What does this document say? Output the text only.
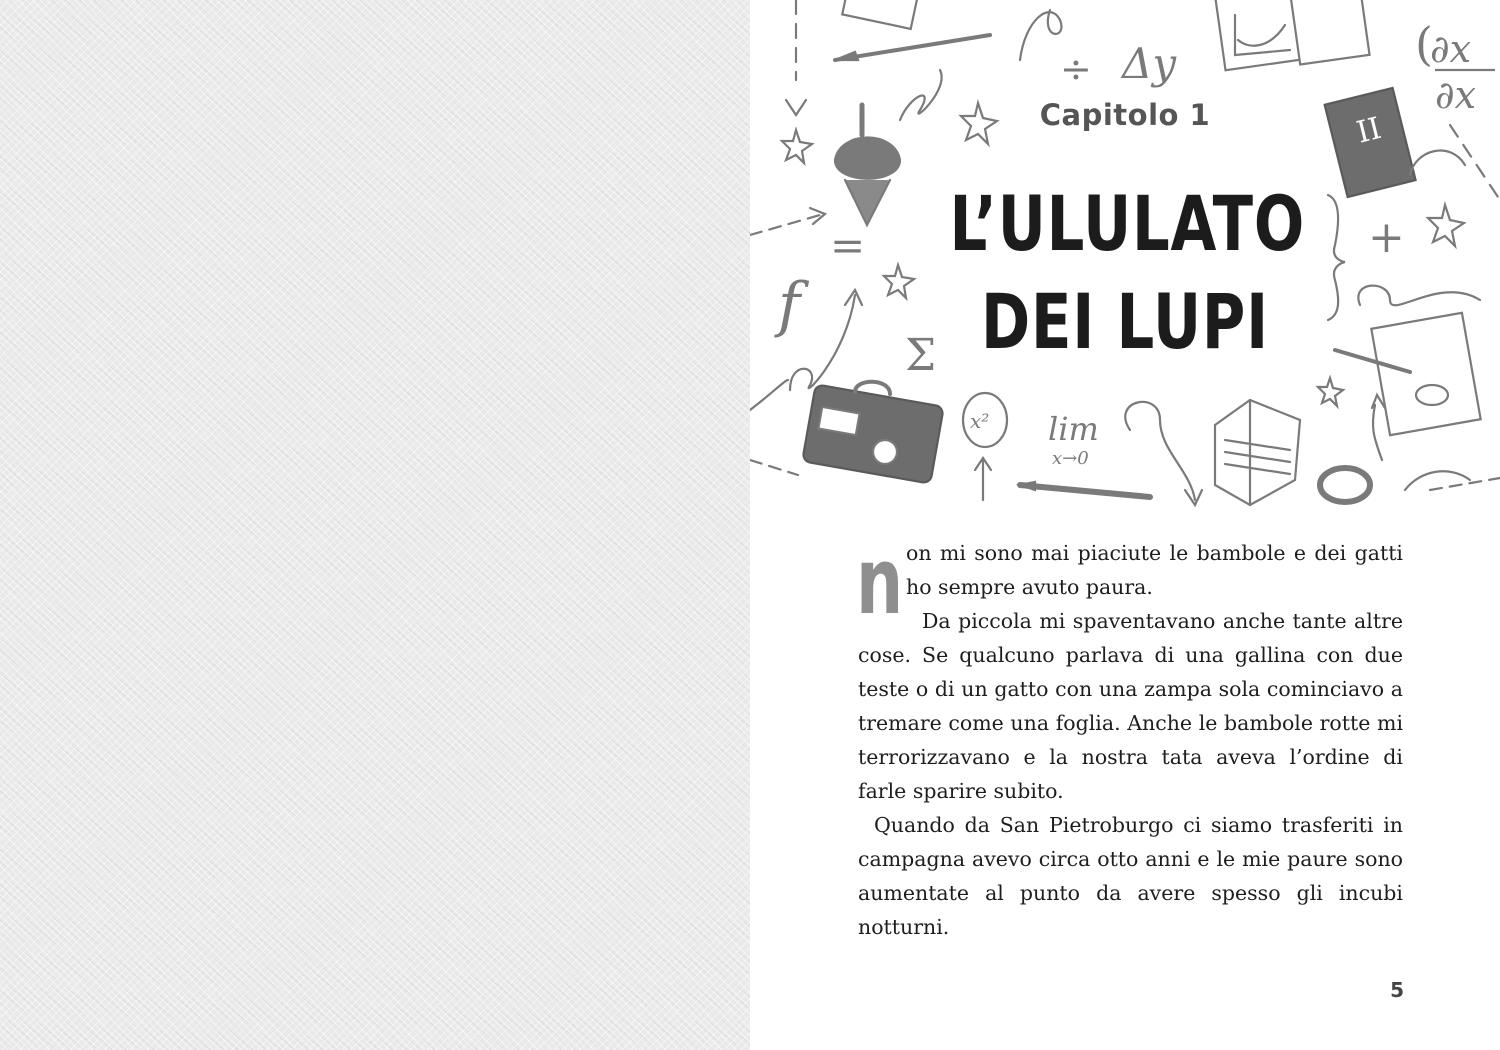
Δy
÷	∂x
(
∂x
f
=
Σ
x² lim
x→0
+
II
Capitolo 1
L’ULULATO
DEI LUPI

non mi sono mai piaciute le bambole e dei gatti ho sempre avuto paura.

Da piccola mi spaventavano anche tante altre cose. Se qualcuno parlava di una gallina con due teste o di un gatto con una zampa sola cominciavo a tremare come una foglia. Anche le bambole rotte mi terrorizzavano e la nostra tata aveva l’ordine di farle sparire subito.

Quando da San Pietroburgo ci siamo trasferiti in campagna avevo circa otto anni e le mie paure sono aumentate al punto da avere spesso gli incubi notturni.

5
